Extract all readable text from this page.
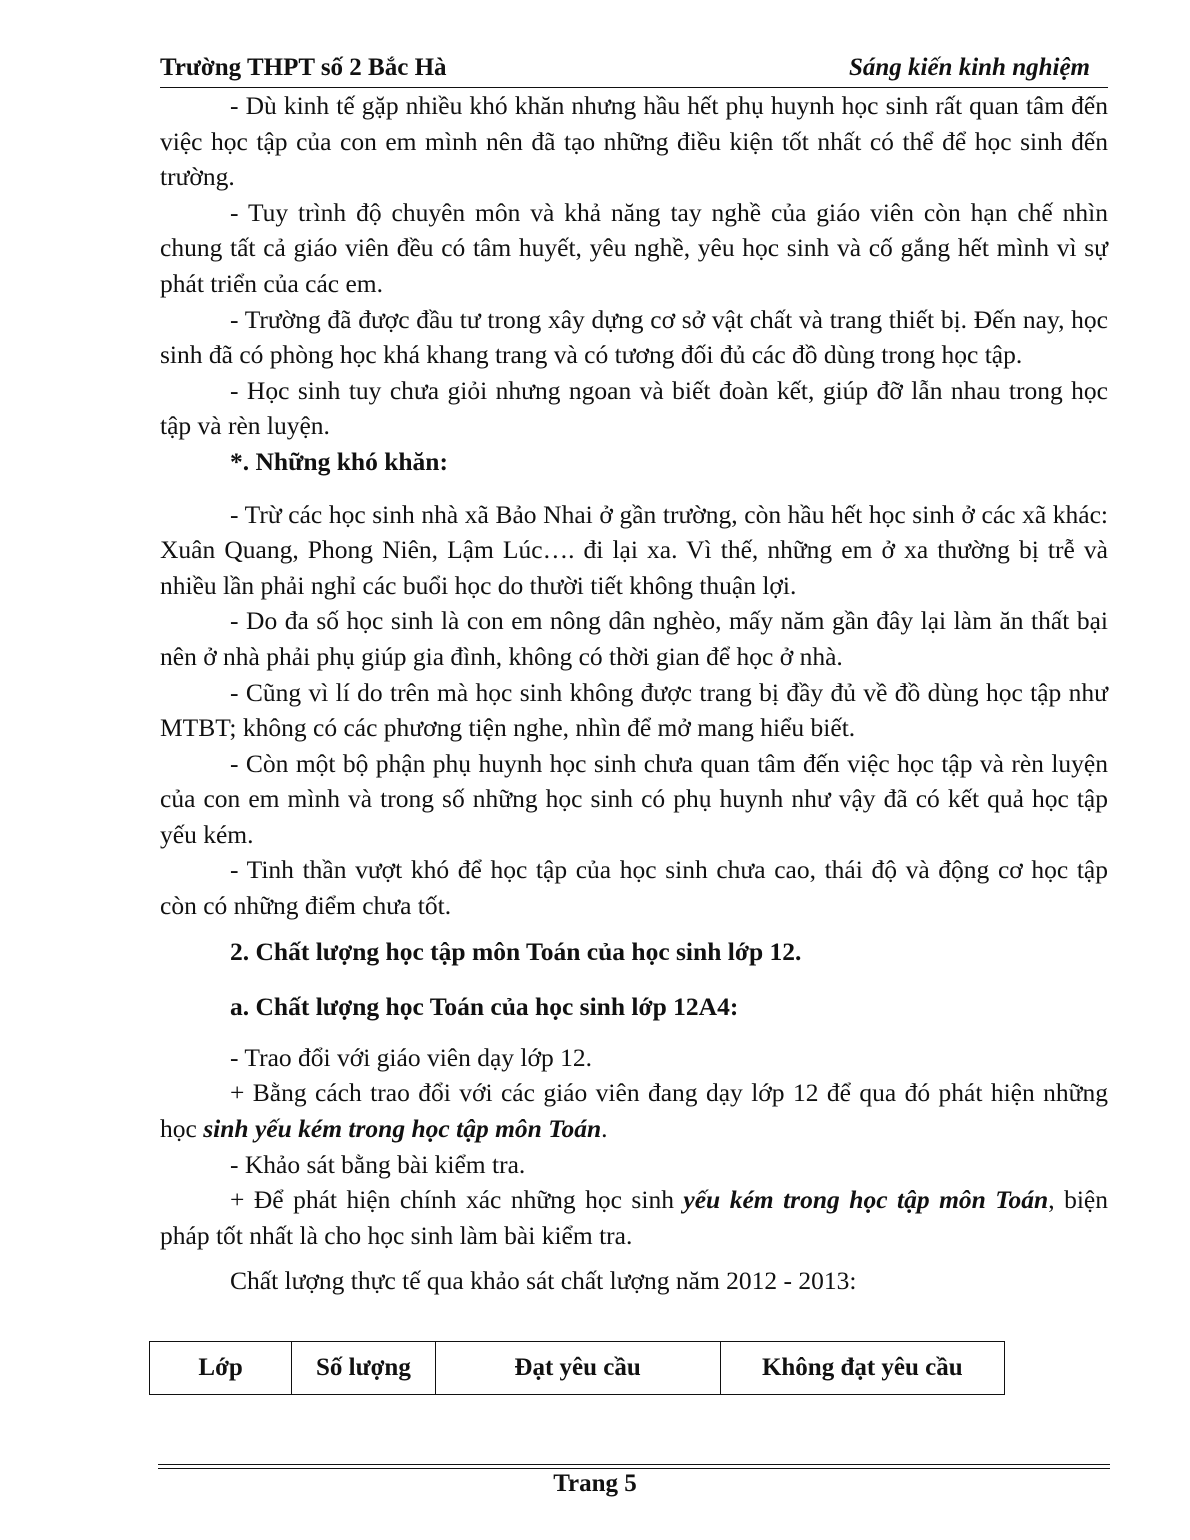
Trường THPT số 2 Bắc Hà	Sáng kiến kinh nghiệm

- Dù kinh tế gặp nhiều khó khăn nhưng hầu hết phụ huynh học sinh rất quan tâm đến việc học tập của con em mình nên đã tạo những điều kiện tốt nhất có thể để học sinh đến trường.

- Tuy trình độ chuyên môn và khả năng tay nghề của giáo viên còn hạn chế nhìn chung tất cả giáo viên đều có tâm huyết, yêu nghề, yêu học sinh và cố gắng hết mình vì sự phát triển của các em.

- Trường đã được đầu tư trong xây dựng cơ sở vật chất và trang thiết bị. Đến nay, học sinh đã có phòng học khá khang trang và có tương đối đủ các đồ dùng trong học tập.

- Học sinh tuy chưa giỏi nhưng ngoan và biết đoàn kết, giúp đỡ lẫn nhau trong học tập và rèn luyện.

*. Những khó khăn:

- Trừ các học sinh nhà xã Bảo Nhai ở gần trường, còn hầu hết học sinh ở các xã khác: Xuân Quang, Phong Niên, Lậm Lúc…. đi lại xa. Vì thế, những em ở xa thường bị trễ và nhiều lần phải nghỉ các buổi học do thười tiết không thuận lợi.

- Do đa số học sinh là con em nông dân nghèo, mấy năm gần đây lại làm ăn thất bại nên ở nhà phải phụ giúp gia đình, không có thời gian để học ở nhà.

- Cũng vì lí do trên mà học sinh không được trang bị đầy đủ về đồ dùng học tập như MTBT; không có các phương tiện nghe, nhìn để mở mang hiểu biết.

- Còn một bộ phận phụ huynh học sinh chưa quan tâm đến việc học tập và rèn luyện của con em mình và trong số những học sinh có phụ huynh như vậy đã có kết quả học tập yếu kém.

- Tinh thần vượt khó để học tập của học sinh chưa cao, thái độ và động cơ học tập còn có những điểm chưa tốt.

2. Chất lượng học tập môn Toán của học sinh lớp 12.

a. Chất lượng học Toán của học sinh lớp 12A4:

- Trao đổi với giáo viên dạy lớp 12.

+ Bằng cách trao đổi với các giáo viên đang dạy lớp 12 để qua đó phát hiện những học sinh yếu kém trong học tập môn Toán.

- Khảo sát bằng bài kiểm tra.

+ Để phát hiện chính xác những học sinh yếu kém trong học tập môn Toán, biện pháp tốt nhất là cho học sinh làm bài kiểm tra.

Chất lượng thực tế qua khảo sát chất lượng năm 2012 - 2013:

Lớp	Số lượng	Đạt yêu cầu	Không đạt yêu cầu
Trang 5
